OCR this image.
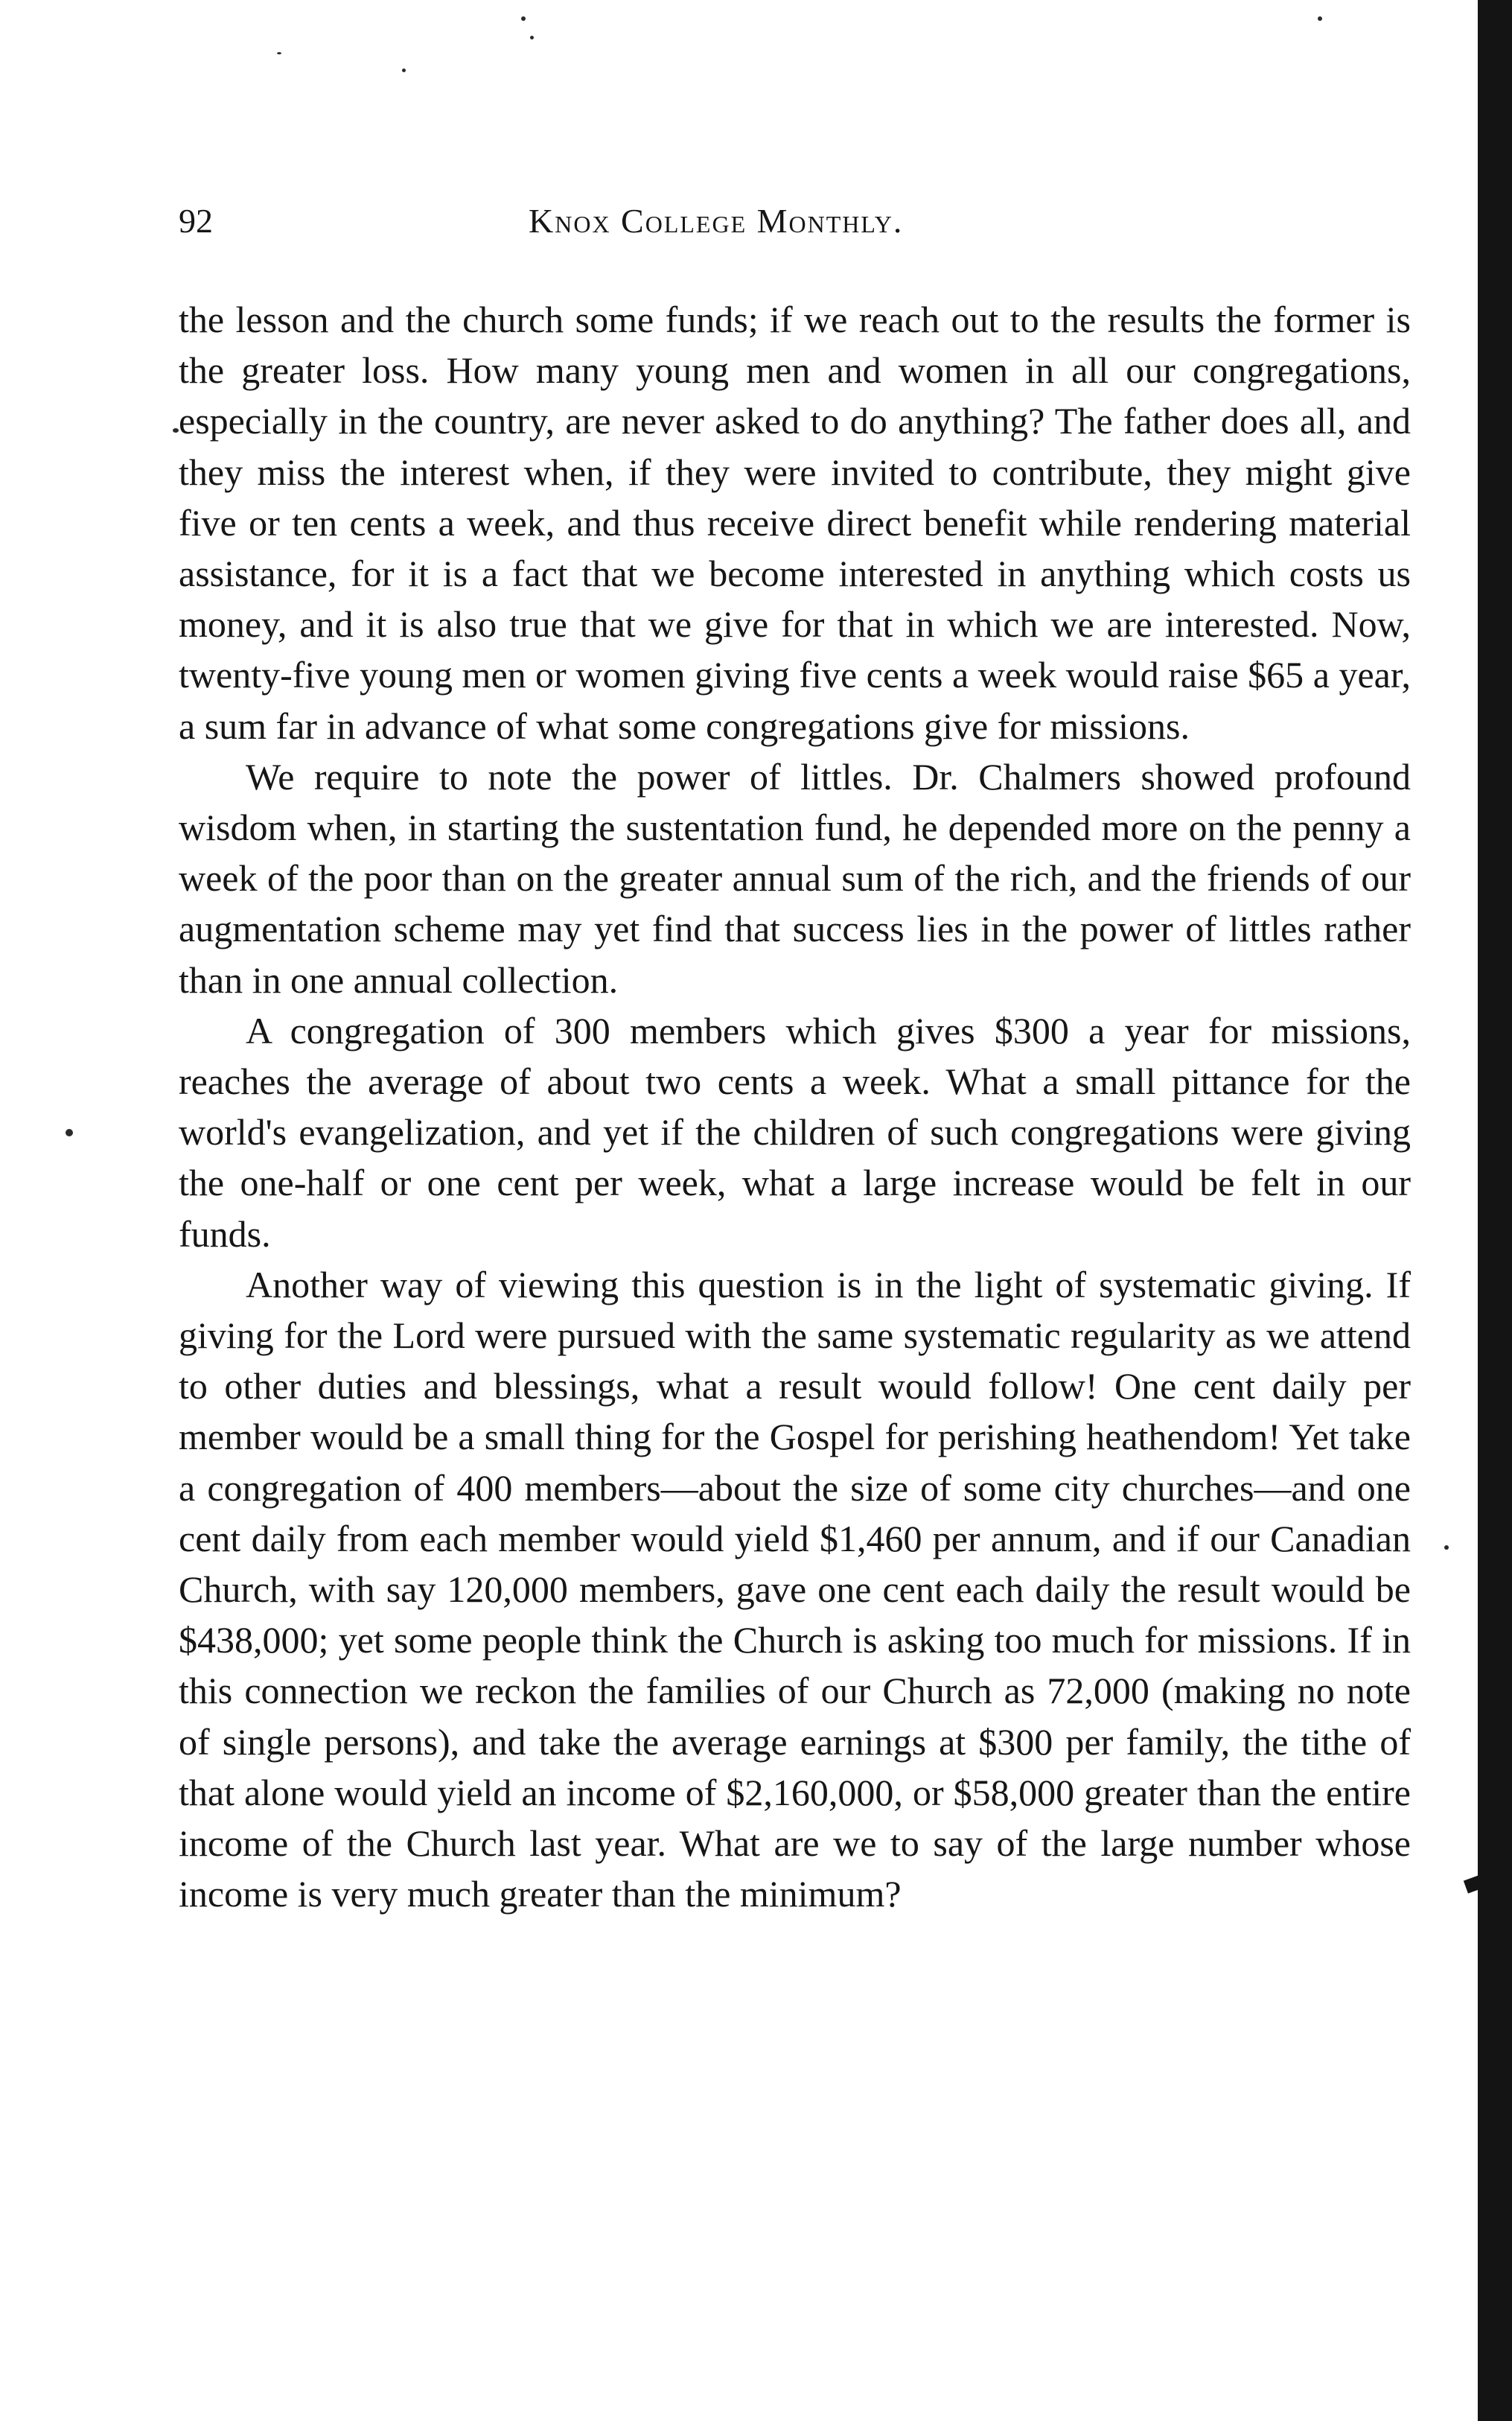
92	Knox College Monthly.

the lesson and the church some funds; if we reach out to the results the former is the greater loss. How many young men and women in all our congregations, especially in the country, are never asked to do anything? The father does all, and they miss the interest when, if they were invited to contribute, they might give five or ten cents a week, and thus receive direct benefit while rendering material assistance, for it is a fact that we become interested in anything which costs us money, and it is also true that we give for that in which we are interested. Now, twenty-five young men or women giving five cents a week would raise $65 a year, a sum far in advance of what some congregations give for missions.

We require to note the power of littles. Dr. Chalmers showed profound wisdom when, in starting the sustentation fund, he depended more on the penny a week of the poor than on the greater annual sum of the rich, and the friends of our augmentation scheme may yet find that success lies in the power of littles rather than in one annual collection.

A congregation of 300 members which gives $300 a year for missions, reaches the average of about two cents a week. What a small pittance for the world's evangelization, and yet if the children of such congregations were giving the one-half or one cent per week, what a large increase would be felt in our funds.

Another way of viewing this question is in the light of systematic giving. If giving for the Lord were pursued with the same systematic regularity as we attend to other duties and blessings, what a result would follow! One cent daily per member would be a small thing for the Gospel for perishing heathendom! Yet take a congregation of 400 members—about the size of some city churches—and one cent daily from each member would yield $1,460 per annum, and if our Canadian Church, with say 120,000 members, gave one cent each daily the result would be $438,000; yet some people think the Church is asking too much for missions. If in this connection we reckon the families of our Church as 72,000 (making no note of single persons), and take the average earnings at $300 per family, the tithe of that alone would yield an income of $2,160,000, or $58,000 greater than the entire income of the Church last year. What are we to say of the large number whose income is very much greater than the minimum?
